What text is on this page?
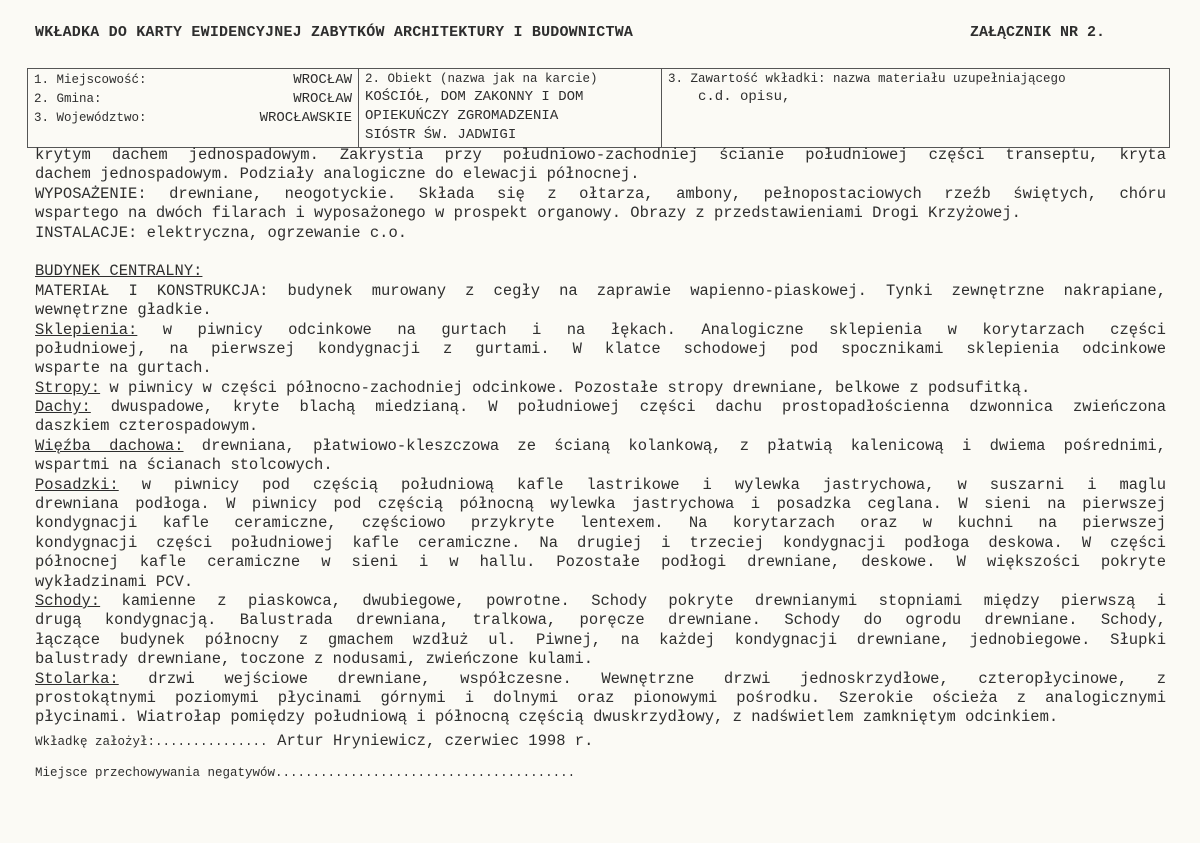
WKŁADKA DO KARTY EWIDENCYJNEJ ZABYTKÓW ARCHITEKTURY I BUDOWNICTWA	ZAŁĄCZNIK NR 2.
1. Miejscowość:	WROCŁAW
2. Gmina:	WROCŁAW
3. Województwo:	WROCŁAWSKIE

2. Obiekt (nazwa jak na karcie)
KOŚCIÓŁ, DOM ZAKONNY I DOM
OPIEKUŃCZY ZGROMADZENIA
SIÓSTR ŚW. JADWIGI

3. Zawartość wkładki: nazwa materiału uzupełniającego
c.d. opisu,
krytym dachem jednospadowym. Zakrystia przy południowo-zachodniej ścianie południowej części transeptu, kryta
dachem jednospadowym. Podziały analogiczne do elewacji północnej.
WYPOSAŻENIE: drewniane, neogotyckie. Składa się z ołtarza, ambony, pełnopostaciowych rzeźb świętych, chóru
wspartego na dwóch filarach i wyposażonego w prospekt organowy. Obrazy z przedstawieniami Drogi Krzyżowej.
INSTALACJE: elektryczna, ogrzewanie c.o.
BUDYNEK CENTRALNY:
MATERIAŁ I KONSTRUKCJA: budynek murowany z cegły na zaprawie wapienno-piaskowej. Tynki zewnętrzne nakrapiane,
wewnętrzne gładkie.
Sklepienia: w piwnicy odcinkowe na gurtach i na łękach. Analogiczne sklepienia w korytarzach części
południowej, na pierwszej kondygnacji z gurtami. W klatce schodowej pod spocznikami sklepienia odcinkowe
wsparte na gurtach.
Stropy: w piwnicy w części północno-zachodniej odcinkowe. Pozostałe stropy drewniane, belkowe z podsufitką.
Dachy: dwuspadowe, kryte blachą miedzianą. W południowej części dachu prostopadłościenna dzwonnica zwieńczona
daszkiem czterospadowym.
Więźba dachowa: drewniana, płatwiowo-kleszczowa ze ścianą kolankową, z płatwią kalenicową i dwiema pośrednimi,
wspartmi na ścianach stolcowych.
Posadzki: w piwnicy pod częścią południową kafle lastrikowe i wylewka jastrychowa, w suszarni i maglu
drewniana podłoga. W piwnicy pod częścią północną wylewka jastrychowa i posadzka ceglana. W sieni na pierwszej
kondygnacji kafle ceramiczne, częściowo przykryte lentexem. Na korytarzach oraz w kuchni na pierwszej
kondygnacji części południowej kafle ceramiczne. Na drugiej i trzeciej kondygnacji podłoga deskowa. W części
północnej kafle ceramiczne w sieni i w hallu. Pozostałe podłogi drewniane, deskowe. W większości pokryte
wykładzinami PCV.
Schody: kamienne z piaskowca, dwubiegowe, powrotne. Schody pokryte drewnianymi stopniami między pierwszą i
drugą kondygnacją. Balustrada drewniana, tralkowa, poręcze drewniane. Schody do ogrodu drewniane. Schody,
łączące budynek północny z gmachem wzdłuż ul. Piwnej, na każdej kondygnacji drewniane, jednobiegowe. Słupki
balustrady drewniane, toczone z nodusami, zwieńczone kulami.
Stolarka: drzwi wejściowe drewniane, współczesne. Wewnętrzne drzwi jednoskrzydłowe, czteropłycinowe, z
prostokątnymi poziomymi płycinami górnymi i dolnymi oraz pionowymi pośrodku. Szerokie ościeża z analogicznymi
płycinami. Wiatrołap pomiędzy południową i północną częścią dwuskrzydłowy, z nadświetlem zamkniętym odcinkiem.
Wkładkę założył:............... Artur Hryniewicz, czerwiec 1998 r.
Miejsce przechowywania negatywów........................................
